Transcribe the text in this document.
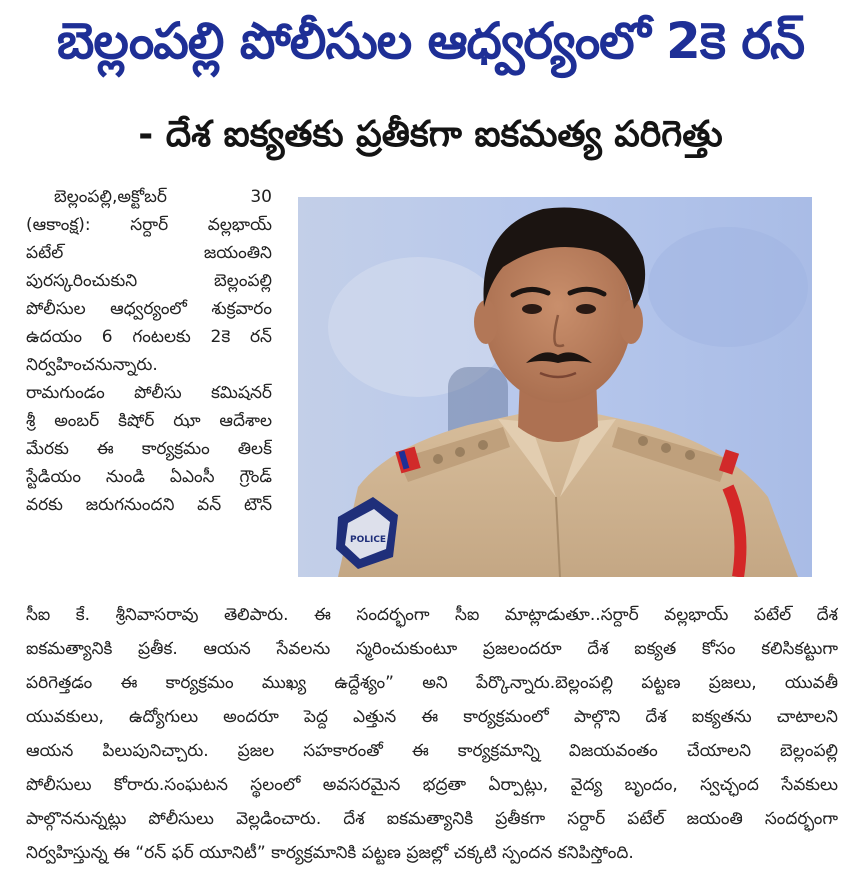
బెల్లంపల్లి పోలీసుల ఆధ్వర్యంలో 2కె రన్
- దేశ ఐక్యతకు ప్రతీకగా ఐకమత్య పరిగెత్తు
బెల్లంపల్లి,అక్టోబర్ 30
(ఆకాంక్ష): సర్దార్ వల్లభాయ్
పటేల్ జయంతిని
పురస్కరించుకుని బెల్లంపల్లి
పోలీసుల ఆధ్వర్యంలో శుక్రవారం
ఉదయం 6 గంటలకు 2కె రన్
నిర్వహించనున్నారు.
రామగుండం పోలీసు కమిషనర్
శ్రీ అంబర్ కిషోర్ ఝా ఆదేశాల
మేరకు ఈ కార్యక్రమం తిలక్
స్టేడియం నుండి ఏఎంసీ గ్రౌండ్
వరకు జరుగనుందని వన్ టౌన్
POLICE
సీఐ కే. శ్రీనివాసరావు తెలిపారు. ఈ సందర్భంగా సీఐ మాట్లాడుతూ..సర్దార్ వల్లభాయ్ పటేల్ దేశ
ఐకమత్యానికి ప్రతీక. ఆయన సేవలను స్మరించుకుంటూ ప్రజలందరూ దేశ ఐక్యత కోసం కలిసికట్టుగా
పరిగెత్తడం ఈ కార్యక్రమం ముఖ్య ఉద్దేశ్యం” అని పేర్కొన్నారు.బెల్లంపల్లి పట్టణ ప్రజలు, యువతీ
యువకులు, ఉద్యోగులు అందరూ పెద్ద ఎత్తున ఈ కార్యక్రమంలో పాల్గొని దేశ ఐక్యతను చాటాలని
ఆయన పిలుపునిచ్చారు. ప్రజల సహకారంతో ఈ కార్యక్రమాన్ని విజయవంతం చేయాలని బెల్లంపల్లి
పోలీసులు కోరారు.సంఘటన స్థలంలో అవసరమైన భద్రతా ఏర్పాట్లు, వైద్య బృందం, స్వచ్ఛంద సేవకులు
పాల్గొననున్నట్లు పోలీసులు వెల్లడించారు. దేశ ఐకమత్యానికి ప్రతీకగా సర్దార్ పటేల్ జయంతి సందర్భంగా
నిర్వహిస్తున్న ఈ “రన్ ఫర్ యూనిటీ” కార్యక్రమానికి పట్టణ ప్రజల్లో చక్కటి స్పందన కనిపిస్తోంది.
